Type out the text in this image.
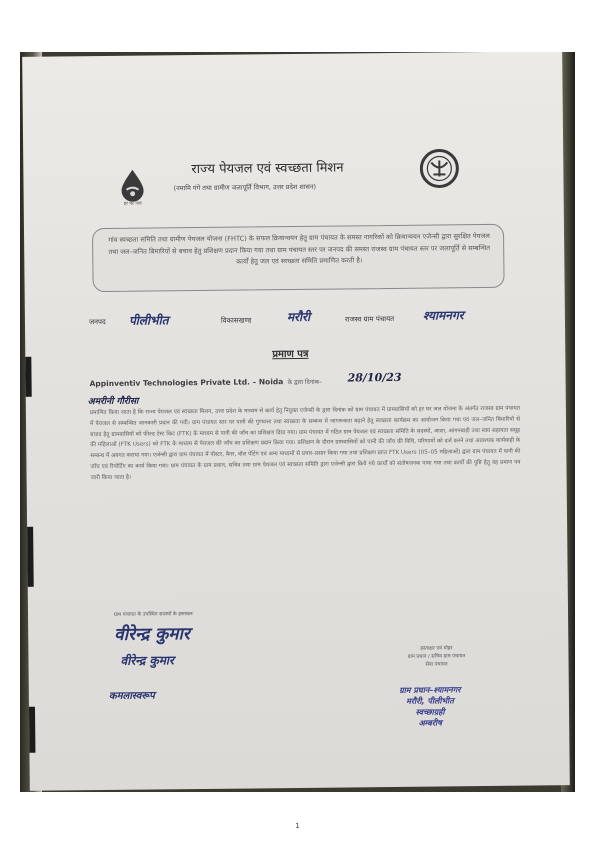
हर घर जल
राज्य पेयजल एवं स्वच्छता मिशन
(नमामि गंगे तथा ग्रामीण जलापूर्ति विभाग, उत्तर प्रदेश शासन)

गांव स्वच्छता समिति तथा ग्रामीण पेयजल योजना (FHTC) के सफल क्रियान्वयन हेतु ग्राम पंचायत के समस्त नागरिकों को क्रियान्वयन एजेन्सी द्वारा सुरक्षित पेयजल तथा जल–जनित बिमारियों से बचाव हेतु प्रशिक्षण प्रदान किया गया तथा ग्राम पंचायत स्तर पर जनपद की समस्त राजस्व ग्राम पंचायत स्तर पर जलापूर्ति से सम्बन्धित कार्यों हेतु जल एवं स्वच्छता समिति प्रमाणित करती है।

जनपद पीलीभीत	विकासखण्ड	मरौरी	राजस्व ग्राम पंचायत श्यामनगर
प्रमाण पत्र
Appinventiv Technologies Private Ltd. – Noida के द्वारा दिनांक– 28/10/23
अमरीनी गौरीसा
प्रमाणित किया जाता है कि राज्य पेयजल एवं स्वच्छता मिशन, उत्तर प्रदेश के माध्यम से कार्य हेतु नियुक्त एजेन्सी के द्वारा दिनांक को ग्राम पंचायत में ग्रामवासियों को हर घर जल योजना के अंतर्गत राजस्व ग्राम पंचायत में पेयजल से सम्बन्धित जानकारी प्रदान की गयी। ग्राम पंचायत स्तर पर पानी की गुणवत्ता तथा स्वच्छता के सम्बन्ध में जागरूकता बढ़ाने हेतु स्वच्छता कार्यक्रम का आयोजन किया गया एवं जल–जनित बिमारियों से बचाव हेतु ग्रामवासियों को फील्ड टेस्ट किट (FTK) के माध्यम से पानी की जाँच का प्रशिक्षण दिया गया। ग्राम पंचायत में गठित ग्राम पेयजल एवं स्वच्छता समिति के सदस्यों, आशा, आंगनबाड़ी तथा स्वयं सहायता समूह की महिलाओं (FTK Users) को FTK के माध्यम से पेयजल की जाँच का प्रशिक्षण प्रदान किया गया। प्रशिक्षण के दौरान ग्रामवासियों को पानी की जाँच की विधि, परिणामों को दर्ज करने तथा आवश्यक कार्यवाही के सम्बन्ध में अवगत कराया गया। एजेन्सी द्वारा ग्राम पंचायत में पोस्टर, बैनर, वॉल पेंटिंग एवं अन्य माध्यमों से प्रचार–प्रसार किया गया तथा प्रशिक्षण प्राप्त FTK Users (05–05 महिलाओं) द्वारा ग्राम पंचायत में पानी की जाँच एवं रिपोर्टिंग का कार्य किया गया। ग्राम पंचायत के ग्राम प्रधान, सचिव तथा ग्राम पेयजल एवं स्वच्छता समिति द्वारा एजेन्सी द्वारा किये गये कार्यों को संतोषजनक पाया गया तथा कार्यों की पुष्टि हेतु यह प्रमाण पत्र जारी किया जाता है।
ग्राम पंचायत के उपस्थित सदस्यों के हस्ताक्षर
वीरेन्द्र कुमार
वीरेन्द्र कुमार
कमलास्वरूप
हस्ताक्षर एवं मोहर
ग्राम प्रधान / सचिव ग्राम पंचायत
सेवा पंचायत
ग्राम प्रधान–श्यामनगर
मरौरी, पीलीभीत
स्वच्छाग्रही
अम्बरीष
1
